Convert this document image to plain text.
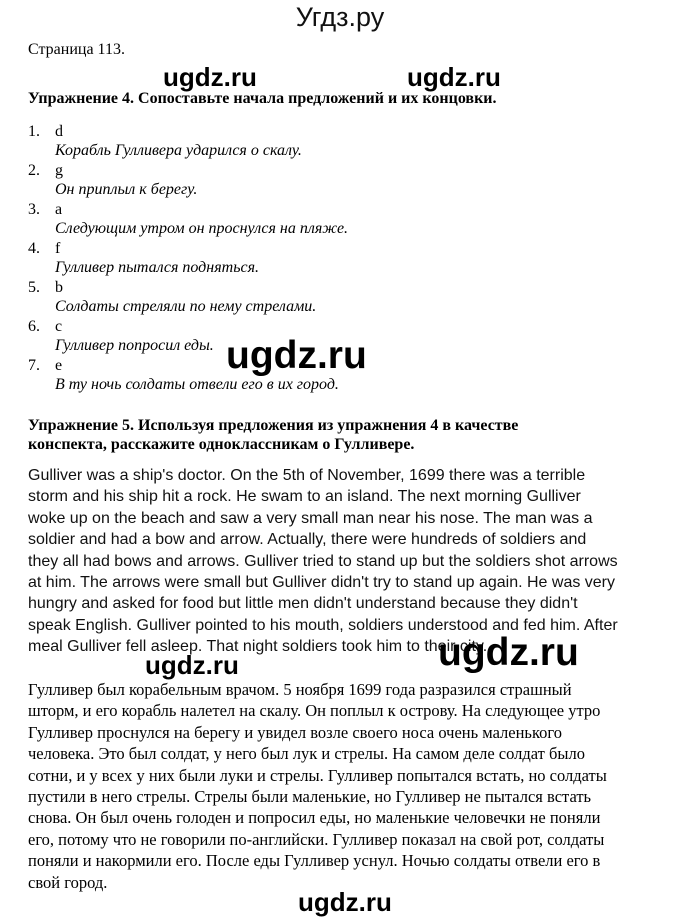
Угдз.ру

Страница 113.

Упражнение 4. Сопоставьте начала предложений и их концовки.

1. d
Корабль Гулливера ударился о скалу.
2. g
Он приплыл к берегу.
3. a
Следующим утром он проснулся на пляже.
4. f
Гулливер пытался подняться.
5. b
Солдаты стреляли по нему стрелами.
6. c
Гулливер попросил еды.
7. e
В ту ночь солдаты отвели его в их город.

Упражнение 5. Используя предложения из упражнения 4 в качестве конспекта, расскажите одноклассникам о Гулливере.

Gulliver was a ship's doctor. On the 5th of November, 1699 there was a terrible storm and his ship hit a rock. He swam to an island. The next morning Gulliver woke up on the beach and saw a very small man near his nose. The man was a soldier and had a bow and arrow. Actually, there were hundreds of soldiers and they all had bows and arrows. Gulliver tried to stand up but the soldiers shot arrows at him. The arrows were small but Gulliver didn't try to stand up again. He was very hungry and asked for food but little men didn't understand because they didn't speak English. Gulliver pointed to his mouth, soldiers understood and fed him. After meal Gulliver fell asleep. That night soldiers took him to their city.

Гулливер был корабельным врачом. 5 ноября 1699 года разразился страшный шторм, и его корабль налетел на скалу. Он поплыл к острову. На следующее утро Гулливер проснулся на берегу и увидел возле своего носа очень маленького человека. Это был солдат, у него был лук и стрелы. На самом деле солдат было сотни, и у всех у них были луки и стрелы. Гулливер попытался встать, но солдаты пустили в него стрелы. Стрелы были маленькие, но Гулливер не пытался встать снова. Он был очень голоден и попросил еды, но маленькие человечки не поняли его, потому что не говорили по-английски. Гулливер показал на свой рот, солдаты поняли и накормили его. После еды Гулливер уснул. Ночью солдаты отвели его в свой город.

ugdz.ru	ugdz.ru
ugdz.ru
ugdz.ru
ugdz.ru
ugdz.ru
